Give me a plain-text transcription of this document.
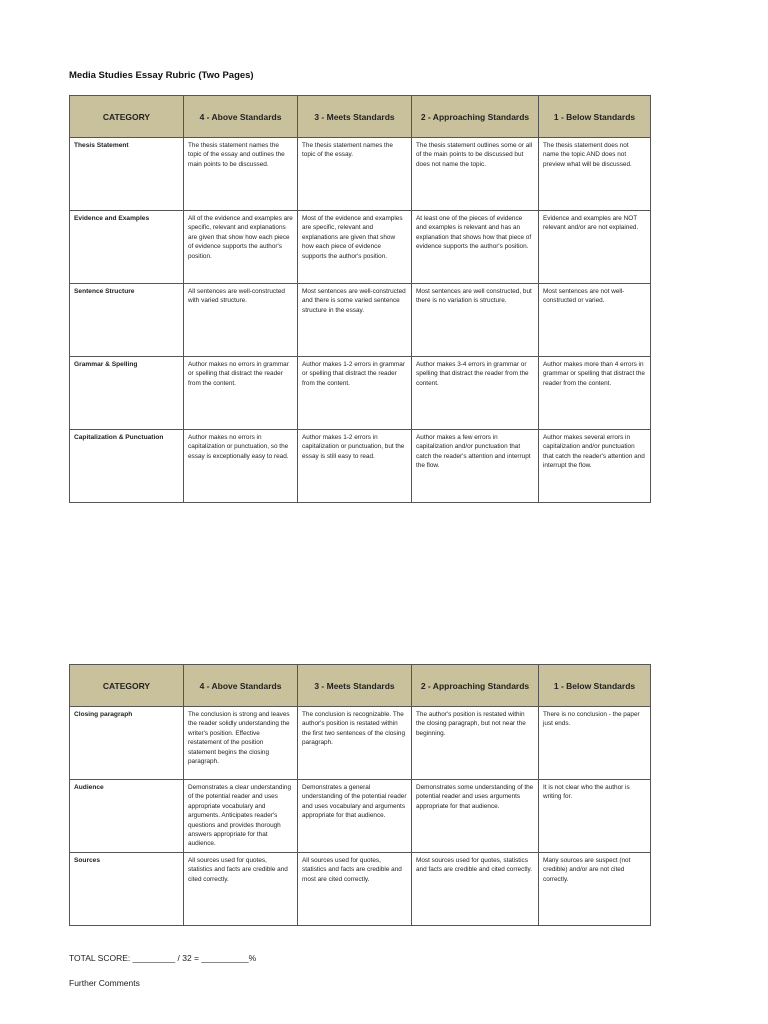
Media Studies Essay Rubric (Two Pages)
CATEGORY	4 - Above Standards	3 - Meets Standards	2 - Approaching Standards	1 - Below Standards
Thesis Statement	The thesis statement names the topic of the essay and outlines the main points to be discussed.	The thesis statement names the topic of the essay.	The thesis statement outlines some or all of the main points to be discussed but does not name the topic.	The thesis statement does not name the topic AND does not preview what will be discussed.
Evidence and Examples	All of the evidence and examples are specific, relevant and explanations are given that show how each piece of evidence supports the author's position.	Most of the evidence and examples are specific, relevant and explanations are given that show how each piece of evidence supports the author's position.	At least one of the pieces of evidence and examples is relevant and has an explanation that shows how that piece of evidence supports the author's position.	Evidence and examples are NOT relevant and/or are not explained.
Sentence Structure	All sentences are well-constructed with varied structure.	Most sentences are well-constructed and there is some varied sentence structure in the essay.	Most sentences are well constructed, but there is no variation is structure.	Most sentences are not well-constructed or varied.
Grammar & Spelling	Author makes no errors in grammar or spelling that distract the reader from the content.	Author makes 1-2 errors in grammar or spelling that distract the reader from the content.	Author makes 3-4 errors in grammar or spelling that distract the reader from the content.	Author makes more than 4 errors in grammar or spelling that distract the reader from the content.
Capitalization & Punctuation	Author makes no errors in capitalization or punctuation, so the essay is exceptionally easy to read.	Author makes 1-2 errors in capitalization or punctuation, but the essay is still easy to read.	Author makes a few errors in capitalization and/or punctuation that catch the reader's attention and interrupt the flow.	Author makes several errors in capitalization and/or punctuation that catch the reader's attention and interrupt the flow.
CATEGORY	4 - Above Standards	3 - Meets Standards	2 - Approaching Standards	1 - Below Standards
Closing paragraph	The conclusion is strong and leaves the reader solidly understanding the writer's position. Effective restatement of the position statement begins the closing paragraph.	The conclusion is recognizable. The author's position is restated within the first two sentences of the closing paragraph.	The author's position is restated within the closing paragraph, but not near the beginning.	There is no conclusion - the paper just ends.
Audience	Demonstrates a clear understanding of the potential reader and uses appropriate vocabulary and arguments. Anticipates reader's questions and provides thorough answers appropriate for that audience.	Demonstrates a general understanding of the potential reader and uses vocabulary and arguments appropriate for that audience.	Demonstrates some understanding of the potential reader and uses arguments appropriate for that audience.	It is not clear who the author is writing for.
Sources	All sources used for quotes, statistics and facts are credible and cited correctly.	All sources used for quotes, statistics and facts are credible and most are cited correctly.	Most sources used for quotes, statistics and facts are credible and cited correctly.	Many sources are suspect (not credible) and/or are not cited correctly.
TOTAL SCORE: _________ / 32 = __________%
Further Comments
